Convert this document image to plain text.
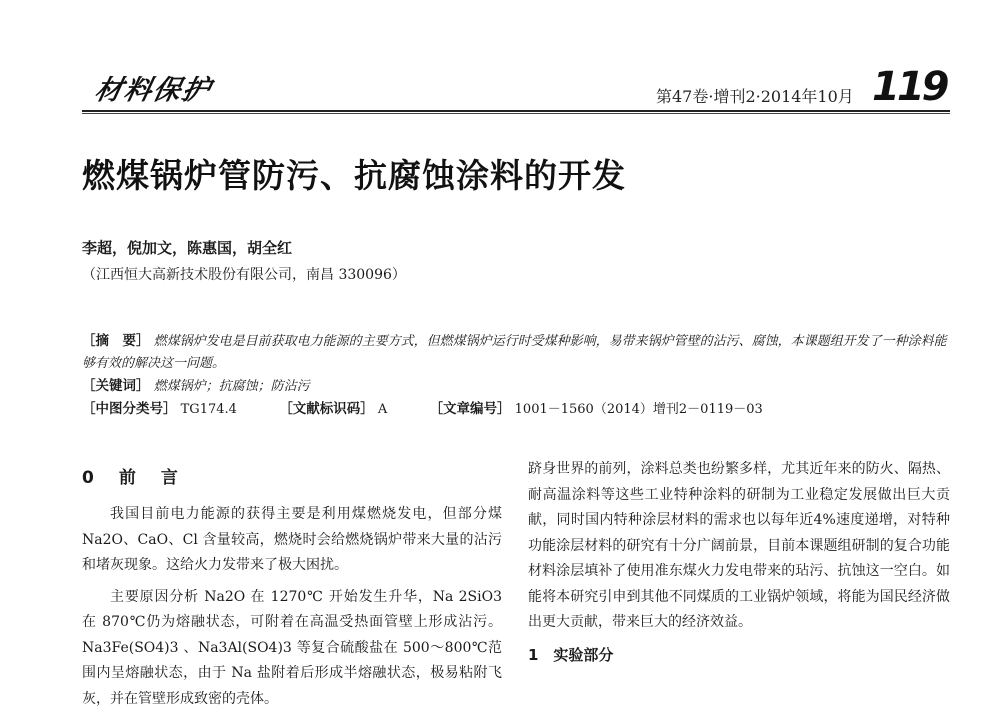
材料保护	第47卷·增刊2·2014年10月 119
燃煤锅炉管防污、抗腐蚀涂料的开发
李超，倪加文，陈惠国，胡全红
（江西恒大高新技术股份有限公司，南昌 330096）
［摘　要］ 燃煤锅炉发电是目前获取电力能源的主要方式，但燃煤锅炉运行时受煤种影响，易带来锅炉管壁的沾污、腐蚀，本课题组开发了一种涂料能够有效的解决这一问题。
［关键词］ 燃煤锅炉；抗腐蚀；防沾污
［中图分类号］ TG174.4	［文献标识码］ A	［文章编号］ 1001－1560（2014）增刊2－0119－03
0　前　言

我国目前电力能源的获得主要是利用煤燃烧发电，但部分煤 Na2O、CaO、Cl 含量较高，燃烧时会给燃烧锅炉带来大量的沾污和堵灰现象。这给火力发带来了极大困扰。

主要原因分析 Na2O 在 1270℃ 开始发生升华，Na 2SiO3 在 870℃仍为熔融状态，可附着在高温受热面管壁上形成沾污。Na3Fe(SO4)3 、Na3Al(SO4)3 等复合硫酸盐在 500～800℃范围内呈熔融状态，由于 Na 盐附着后形成半熔融状态，极易粘附飞灰，并在管壁形成致密的壳体。

跻身世界的前列，涂料总类也纷繁多样，尤其近年来的防火、隔热、耐高温涂料等这些工业特种涂料的研制为工业稳定发展做出巨大贡献，同时国内特种涂层材料的需求也以每年近4%速度递增，对特种功能涂层材料的研究有十分广阔前景，目前本课题组研制的复合功能材料涂层填补了使用准东煤火力发电带来的玷污、抗蚀这一空白。如能将本研究引申到其他不同煤质的工业锅炉领域，将能为国民经济做出更大贡献，带来巨大的经济效益。

1　实验部分
